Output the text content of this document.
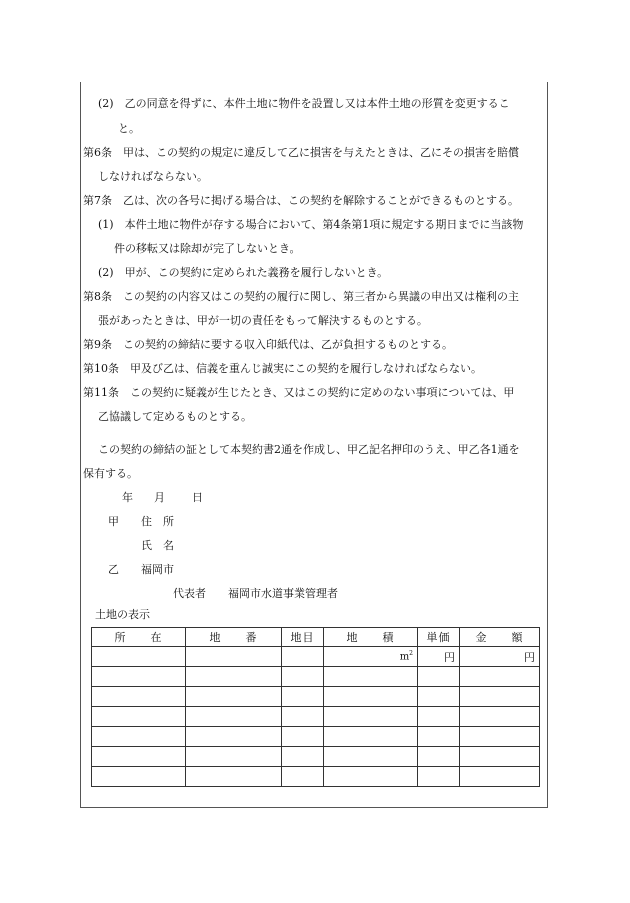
(2)　乙の同意を得ずに、本件土地に物件を設置し又は本件土地の形質を変更するこ
と。
第6条　甲は、この契約の規定に違反して乙に損害を与えたときは、乙にその損害を賠償
しなければならない。
第7条　乙は、次の各号に掲げる場合は、この契約を解除することができるものとする。
(1)　本件土地に物件が存する場合において、第4条第1項に規定する期日までに当該物
件の移転又は除却が完了しないとき。
(2)　甲が、この契約に定められた義務を履行しないとき。
第8条　この契約の内容又はこの契約の履行に関し、第三者から異議の申出又は権利の主
張があったときは、甲が一切の責任をもって解決するものとする。
第9条　この契約の締結に要する収入印紙代は、乙が負担するものとする。
第10条　甲及び乙は、信義を重んじ誠実にこの契約を履行しなければならない。
第11条　この契約に疑義が生じたとき、又はこの契約に定めのない事項については、甲
乙協議して定めるものとする。
この契約の締結の証として本契約書2通を作成し、甲乙記名押印のうえ、甲乙各1通を
保有する。
年 月 日
甲 住　所
氏　名
乙 福岡市
代表者 福岡市水道事業管理者
土地の表示
所　　在	地　　番	地目	地　　積	単価	金　　額
			$m^2$	円	円
